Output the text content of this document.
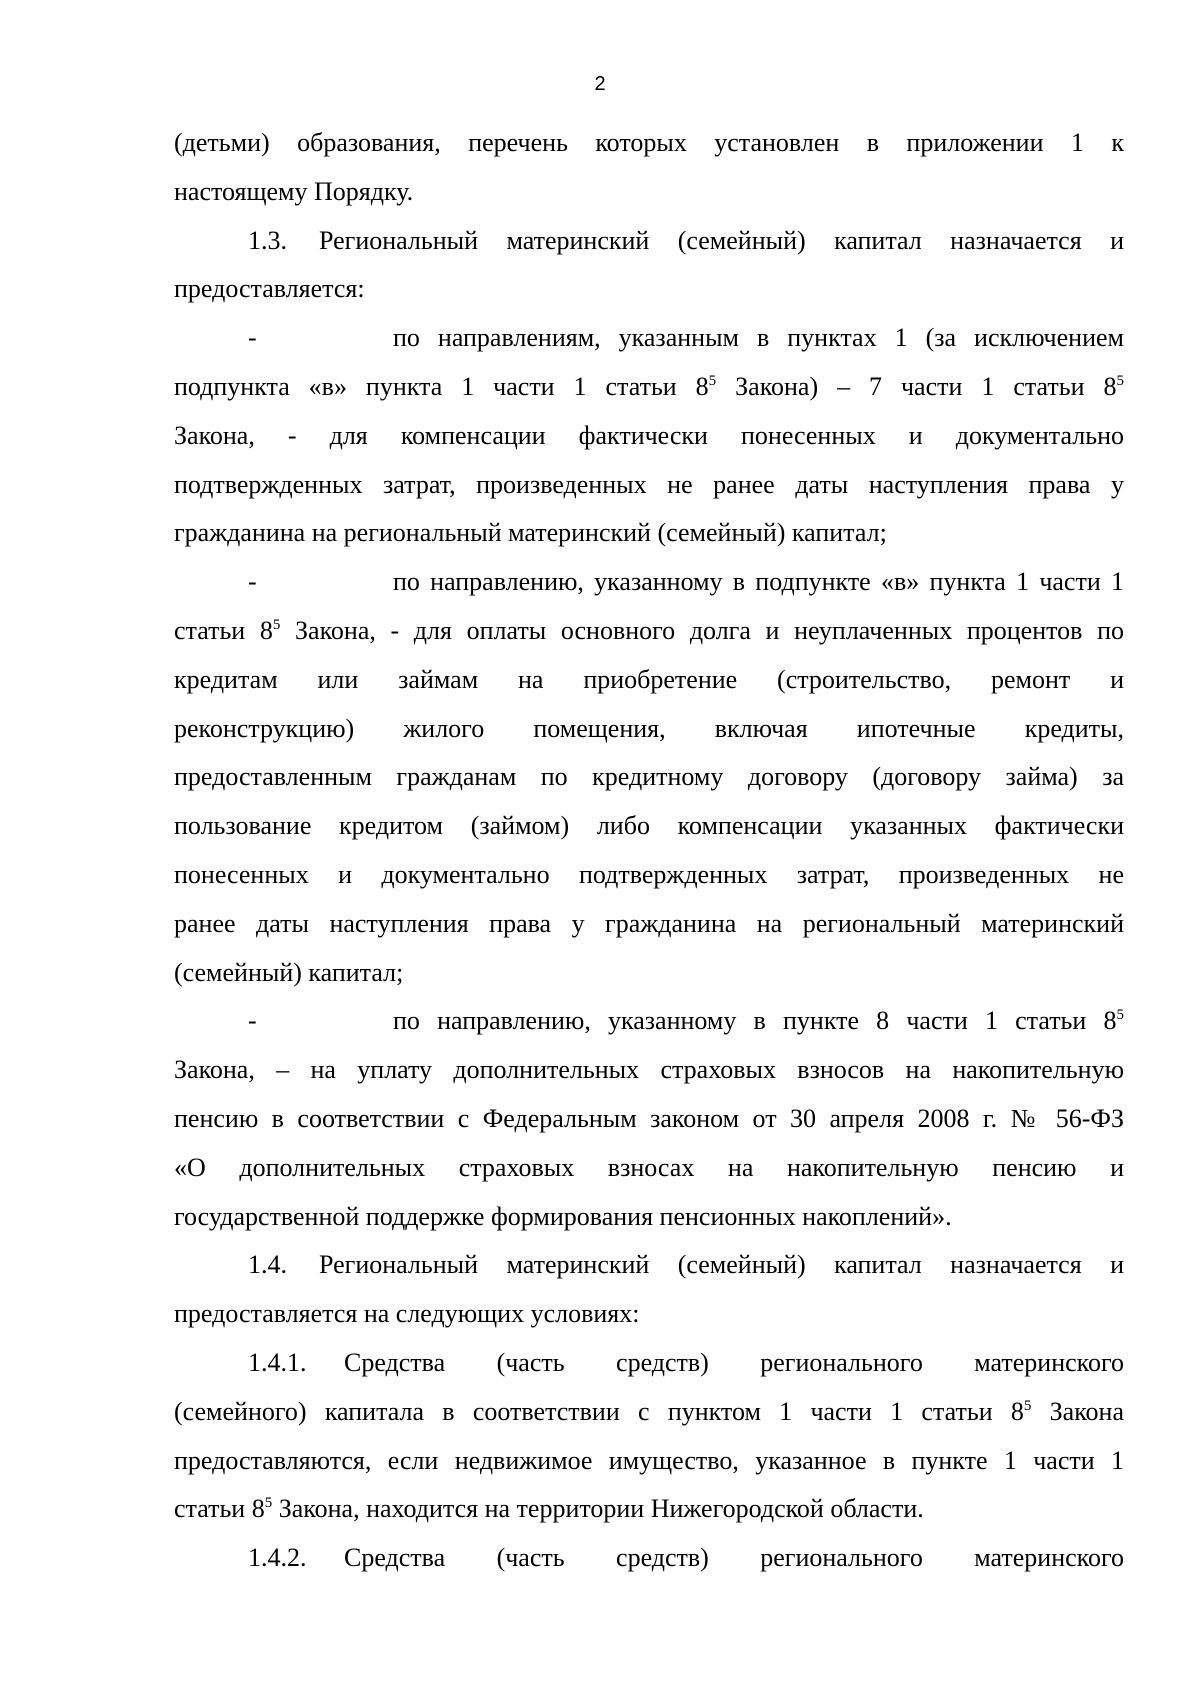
2
(детьми) образования, перечень которых установлен в приложении 1 к
настоящему Порядку.
1.3. Региональный материнский (семейный) капитал назначается и
предоставляется:
-	по направлениям, указанным в пунктах 1 (за исключением
подпункта «в» пункта 1 части 1 статьи $8^5$ Закона) – 7 части 1 статьи $8^5$
Закона, - для компенсации фактически понесенных и документально
подтвержденных затрат, произведенных не ранее даты наступления права у
гражданина на региональный материнский (семейный) капитал;
-	по направлению, указанному в подпункте «в» пункта 1 части 1
статьи $8^5$ Закона, - для оплаты основного долга и неуплаченных процентов по
кредитам или займам на приобретение (строительство, ремонт и
реконструкцию) жилого помещения, включая ипотечные кредиты,
предоставленным гражданам по кредитному договору (договору займа) за
пользование кредитом (займом) либо компенсации указанных фактически
понесенных и документально подтвержденных затрат, произведенных не
ранее даты наступления права у гражданина на региональный материнский
(семейный) капитал;
-	по направлению, указанному в пункте 8 части 1 статьи $8^5$
Закона, – на уплату дополнительных страховых взносов на накопительную
пенсию в соответствии с Федеральным законом от 30 апреля 2008 г. № 56-ФЗ
«О дополнительных страховых взносах на накопительную пенсию и
государственной поддержке формирования пенсионных накоплений».
1.4. Региональный материнский (семейный) капитал назначается и
предоставляется на следующих условиях:
1.4.1. Средства (часть средств) регионального материнского
(семейного) капитала в соответствии с пунктом 1 части 1 статьи $8^5$ Закона
предоставляются, если недвижимое имущество, указанное в пункте 1 части 1
статьи $8^5$ Закона, находится на территории Нижегородской области.
1.4.2. Средства (часть средств) регионального материнского
